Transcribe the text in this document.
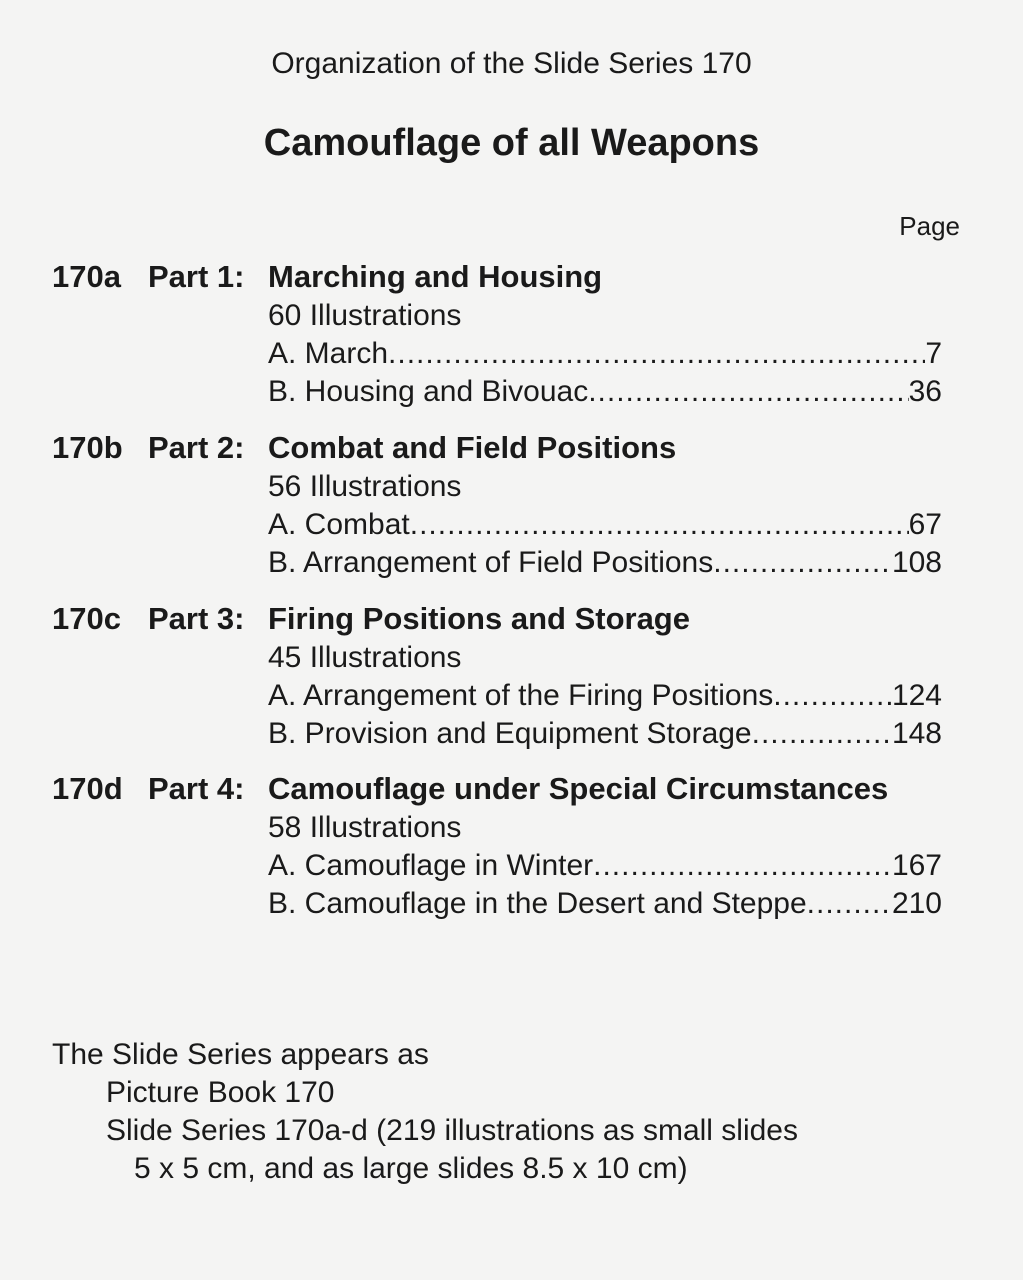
Organization of the Slide Series 170
Camouflage of all Weapons
Page
170a Part 1: Marching and Housing
60 Illustrations
A. March .....	7
B. Housing and Bivouac .....	36
170b Part 2: Combat and Field Positions
56 Illustrations
A. Combat .....	67
B. Arrangement of Field Positions .....	108
170c Part 3: Firing Positions and Storage
45 Illustrations
A. Arrangement of the Firing Positions .....	124
B. Provision and Equipment Storage .....	148
170d Part 4: Camouflage under Special Circumstances
58 Illustrations
A. Camouflage in Winter .....	167
B. Camouflage in the Desert and Steppe .....	210
The Slide Series appears as
Picture Book 170
Slide Series 170a-d (219 illustrations as small slides
5 x 5 cm, and as large slides 8.5 x 10 cm)
